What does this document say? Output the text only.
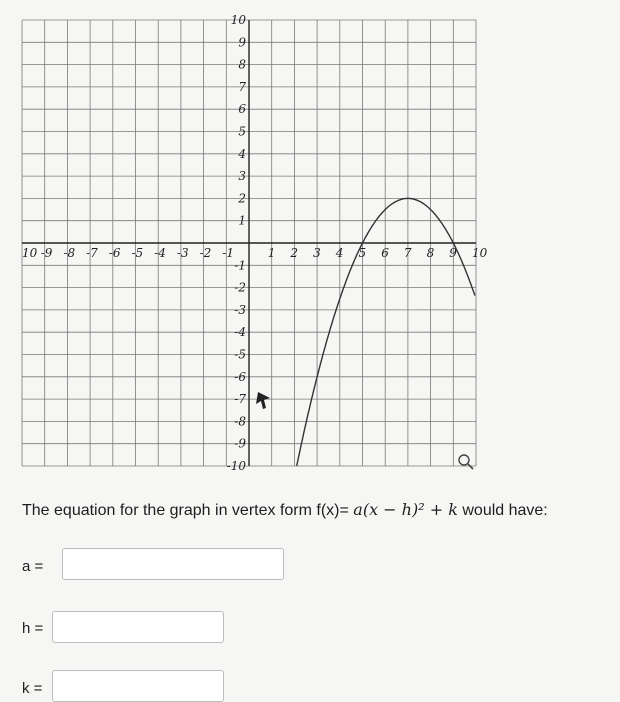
10 -9 -8 -7 -6 -5 -4 -3 -2 -1	1 2 3 4 5 6 7 8 9 10
10
9
8
7
6
5
4
3
2
1
-1
-2
-3
-4
-5
-6
-7
-8
-9
-10
The equation for the graph in vertex form f(x)= a(x − h)² + k would have:
a =
h =
k =
